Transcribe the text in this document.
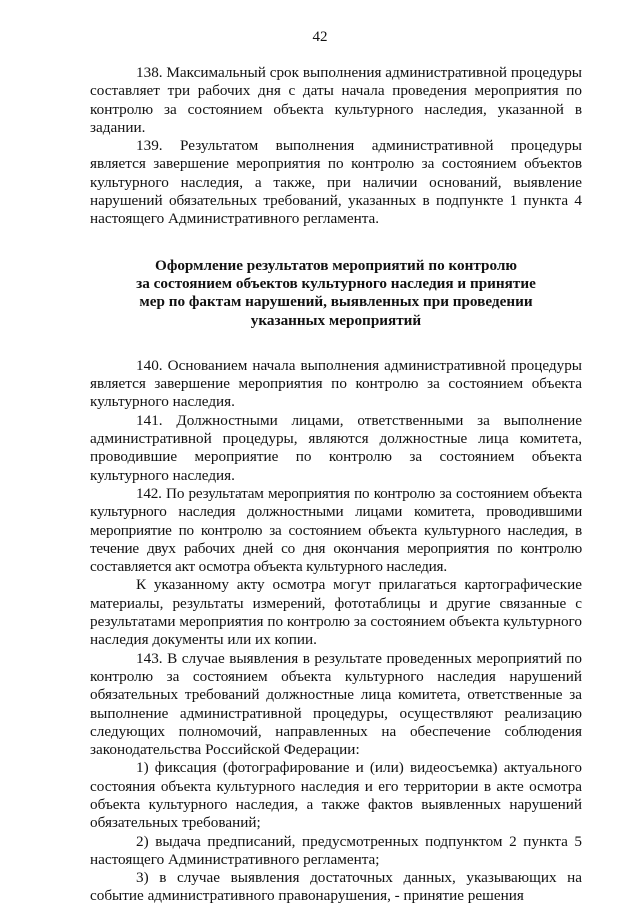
42

138. Максимальный срок выполнения административной процедуры составляет три рабочих дня с даты начала проведения мероприятия по контролю за состоянием объекта культурного наследия, указанной в задании.

139. Результатом выполнения административной процедуры является завершение мероприятия по контролю за состоянием объектов культурного наследия, а также, при наличии оснований, выявление нарушений обязательных требований, указанных в подпункте 1 пункта 4 настоящего Административного регламента.

Оформление результатов мероприятий по контролю
за состоянием объектов культурного наследия и принятие
мер по фактам нарушений, выявленных при проведении
указанных мероприятий

140. Основанием начала выполнения административной процедуры является завершение мероприятия по контролю за состоянием объекта культурного наследия.

141. Должностными лицами, ответственными за выполнение административной процедуры, являются должностные лица комитета, проводившие мероприятие по контролю за состоянием объекта культурного наследия.

142. По результатам мероприятия по контролю за состоянием объекта культурного наследия должностными лицами комитета, проводившими мероприятие по контролю за состоянием объекта культурного наследия, в течение двух рабочих дней со дня окончания мероприятия по контролю составляется акт осмотра объекта культурного наследия.

К указанному акту осмотра могут прилагаться картографические материалы, результаты измерений, фототаблицы и другие связанные с результатами мероприятия по контролю за состоянием объекта культурного наследия документы или их копии.

143. В случае выявления в результате проведенных мероприятий по контролю за состоянием объекта культурного наследия нарушений обязательных требований должностные лица комитета, ответственные за выполнение административной процедуры, осуществляют реализацию следующих полномочий, направленных на обеспечение соблюдения законодательства Российской Федерации:

1) фиксация (фотографирование и (или) видеосъемка) актуального состояния объекта культурного наследия и его территории в акте осмотра объекта культурного наследия, а также фактов выявленных нарушений обязательных требований;

2) выдача предписаний, предусмотренных подпунктом 2 пункта 5 настоящего Административного регламента;

3) в случае выявления достаточных данных, указывающих на событие административного правонарушения, - принятие решения
